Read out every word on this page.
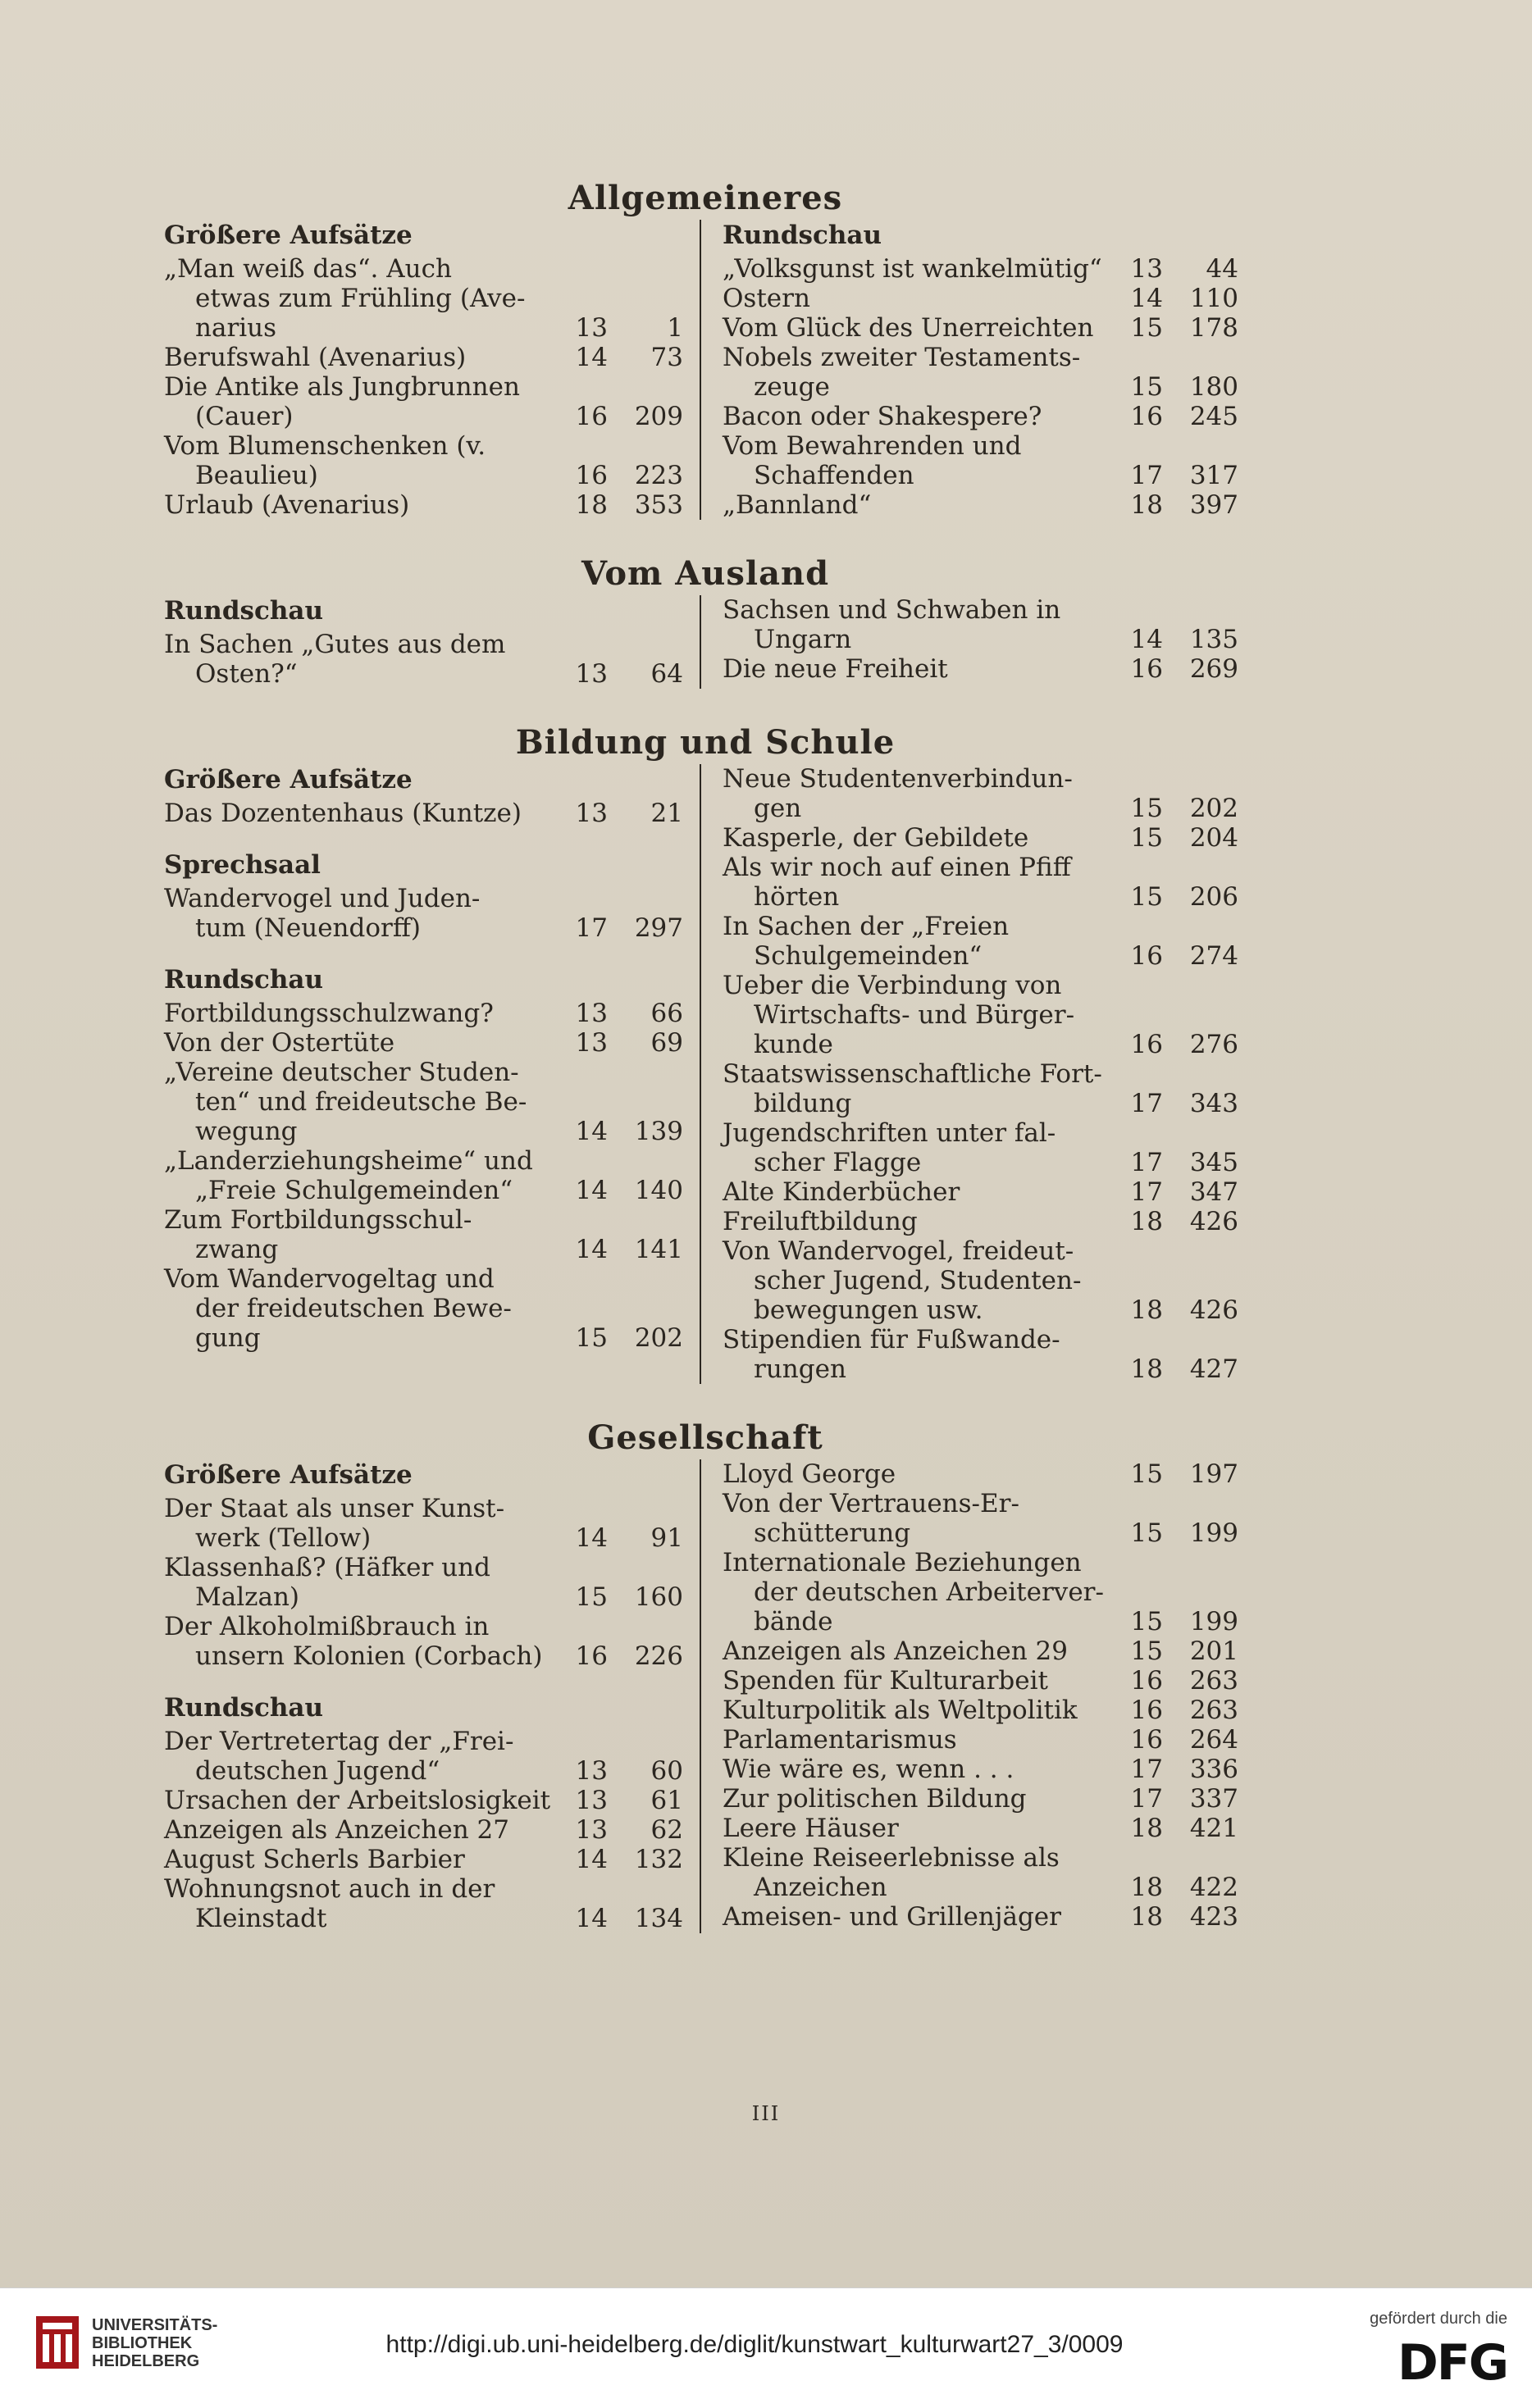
Allgemeineres
Größere Aufsätze
„Man weiß das“. Auch
etwas zum Frühling (Ave-
narius	13	1
Berufswahl (Avenarius)	14	73
Die Antike als Jungbrunnen
(Cauer)	16	209
Vom Blumenschenken (v.
Beaulieu)	16	223
Urlaub (Avenarius)	18	353
Rundschau
„Volksgunst ist wankelmütig“	13	44
Ostern	14	110
Vom Glück des Unerreichten	15	178
Nobels zweiter Testaments-
zeuge	15	180
Bacon oder Shakespere?	16	245
Vom Bewahrenden und
Schaffenden	17	317
„Bannland“	18	397
Vom Ausland
Rundschau
In Sachen „Gutes aus dem
Osten?“	13	64
Sachsen und Schwaben in
Ungarn	14	135
Die neue Freiheit	16	269
Bildung und Schule
Größere Aufsätze
Das Dozentenhaus (Kuntze)	13	21
Sprechsaal
Wandervogel und Juden-
tum (Neuendorff)	17	297
Rundschau
Fortbildungsschulzwang?	13	66
Von der Ostertüte	13	69
„Vereine deutscher Studen-
ten“ und freideutsche Be-
wegung	14	139
„Landerziehungsheime“ und
„Freie Schulgemeinden“	14	140
Zum Fortbildungsschul-
zwang	14	141
Vom Wandervogeltag und
der freideutschen Bewe-
gung	15	202
Neue Studentenverbindun-
gen	15	202
Kasperle, der Gebildete	15	204
Als wir noch auf einen Pfiff
hörten	15	206
In Sachen der „Freien
Schulgemeinden“	16	274
Ueber die Verbindung von
Wirtschafts- und Bürger-
kunde	16	276
Staatswissenschaftliche Fort-
bildung	17	343
Jugendschriften unter fal-
scher Flagge	17	345
Alte Kinderbücher	17	347
Freiluftbildung	18	426
Von Wandervogel, freideut-
scher Jugend, Studenten-
bewegungen usw.	18	426
Stipendien für Fußwande-
rungen	18	427
Gesellschaft
Größere Aufsätze
Der Staat als unser Kunst-
werk (Tellow)	14	91
Klassenhaß? (Häfker und
Malzan)	15	160
Der Alkoholmißbrauch in
unsern Kolonien (Corbach)	16	226
Rundschau
Der Vertretertag der „Frei-
deutschen Jugend“	13	60
Ursachen der Arbeitslosigkeit 13	61
Anzeigen als Anzeichen 27	13	62
August Scherls Barbier	14	132
Wohnungsnot auch in der
Kleinstadt	14	134
Lloyd George	15	197
Von der Vertrauens-Er-
schütterung	15	199
Internationale Beziehungen
der deutschen Arbeiterver-
bände	15	199
Anzeigen als Anzeichen 29	15	201
Spenden für Kulturarbeit	16	263
Kulturpolitik als Weltpolitik	16	263
Parlamentarismus	16	264
Wie wäre es, wenn . . .	17	336
Zur politischen Bildung	17	337
Leere Häuser	18	421
Kleine Reiseerlebnisse als
Anzeichen	18	422
Ameisen- und Grillenjäger	18	423
III
UNIVERSITÄTS-
BIBLIOTHEK
HEIDELBERG
http://digi.ub.uni-heidelberg.de/diglit/kunstwart_kulturwart27_3/0009
gefördert durch die
DFG
